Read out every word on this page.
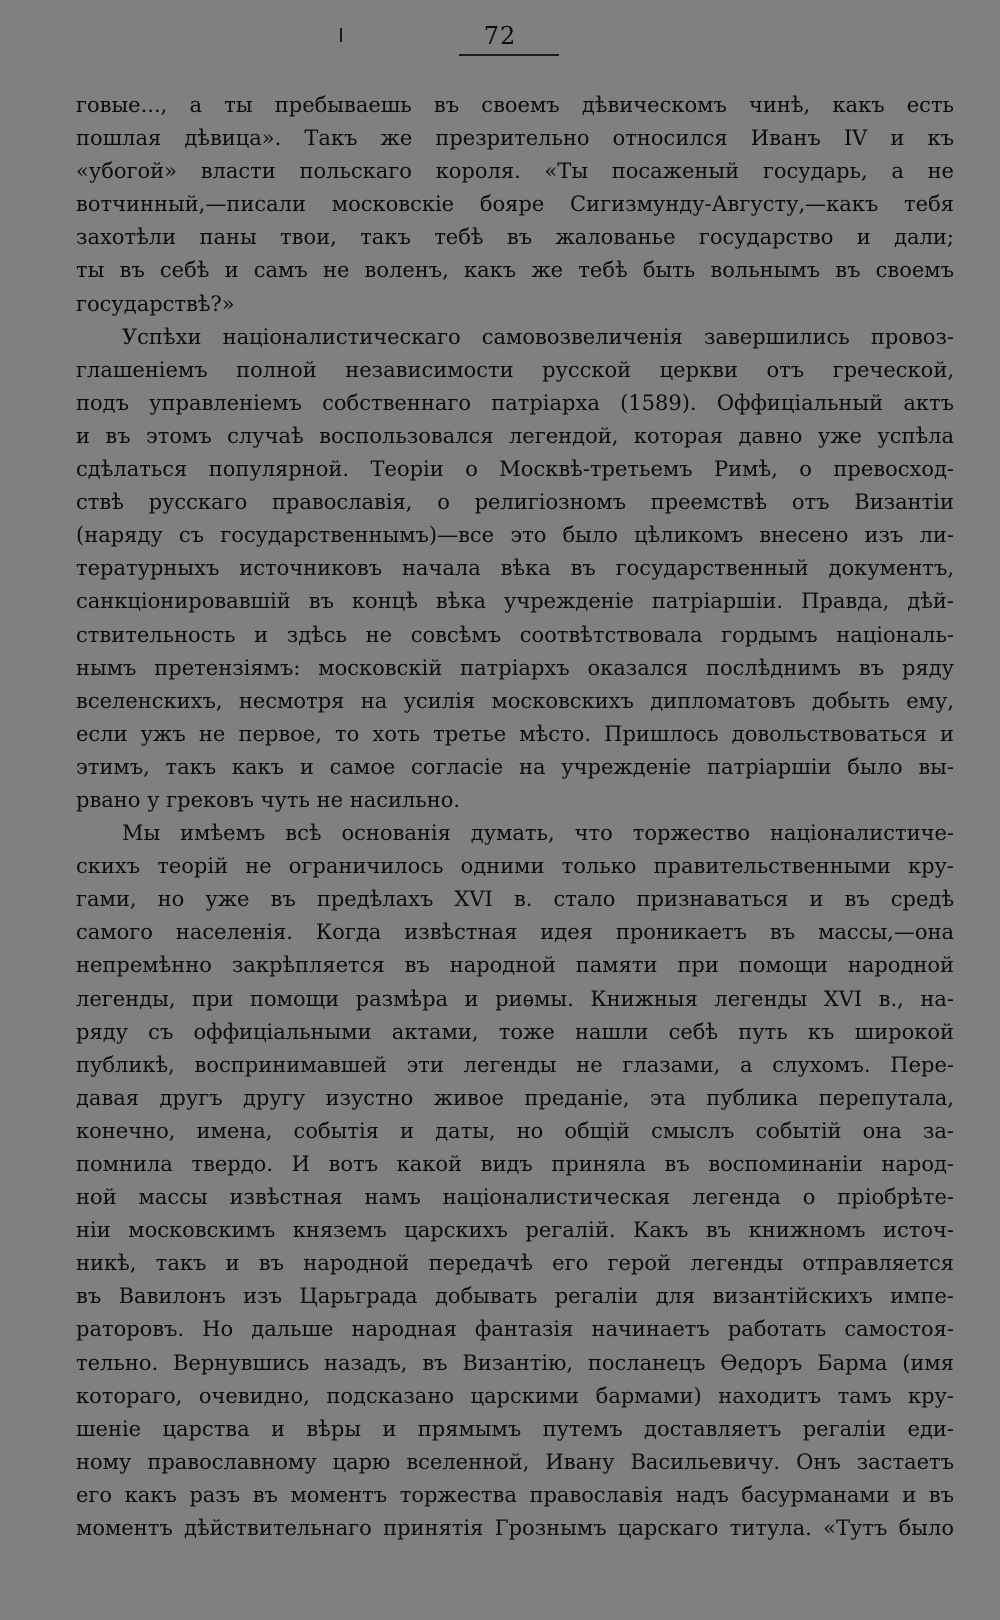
72
говые..., а ты пребываешь въ своемъ дѣвическомъ чинѣ, какъ есть
пошлая дѣвица». Такъ же презрительно относился Иванъ IV и къ
«убогой» власти польскаго короля. «Ты посаженый государь, а не
вотчинный,—писали московскіе бояре Сигизмунду-Августу,—какъ тебя
захотѣли паны твои, такъ тебѣ въ жалованье государство и дали;
ты въ себѣ и самъ не воленъ, какъ же тебѣ быть вольнымъ въ своемъ
государствѣ?»
Успѣхи націоналистическаго самовозвеличенія завершились провоз-
глашеніемъ полной независимости русской церкви отъ греческой,
подъ управленіемъ собственнаго патріарха (1589). Оффиціальный актъ
и въ этомъ случаѣ воспользовался легендой, которая давно уже успѣла
сдѣлаться популярной. Теоріи о Москвѣ-третьемъ Римѣ, о превосход-
ствѣ русскаго православія, о религіозномъ преемствѣ отъ Византіи
(наряду съ государственнымъ)—все это было цѣликомъ внесено изъ ли-
тературныхъ источниковъ начала вѣка въ государственный документъ,
санкціонировавшій въ концѣ вѣка учрежденіе патріаршіи. Правда, дѣй-
ствительность и здѣсь не совсѣмъ соотвѣтствовала гордымъ національ-
нымъ претензіямъ: московскій патріархъ оказался послѣднимъ въ ряду
вселенскихъ, несмотря на усилія московскихъ дипломатовъ добыть ему,
если ужъ не первое, то хоть третье мѣсто. Пришлось довольствоваться и
этимъ, такъ какъ и самое согласіе на учрежденіе патріаршіи было вы-
рвано у грековъ чуть не насильно.
Мы имѣемъ всѣ основанія думать, что торжество націоналистиче-
скихъ теорій не ограничилось одними только правительственными кру-
гами, но уже въ предѣлахъ XVI в. стало признаваться и въ средѣ
самого населенія. Когда извѣстная идея проникаетъ въ массы,—она
непремѣнно закрѣпляется въ народной памяти при помощи народной
легенды, при помощи размѣра и риѳмы. Книжныя легенды XVI в., на-
ряду съ оффиціальными актами, тоже нашли себѣ путь къ широкой
публикѣ, воспринимавшей эти легенды не глазами, а слухомъ. Пере-
давая другъ другу изустно живое преданіе, эта публика перепутала,
конечно, имена, событія и даты, но общій смыслъ событій она за-
помнила твердо. И вотъ какой видъ приняла въ воспоминаніи народ-
ной массы извѣстная намъ націоналистическая легенда о пріобрѣте-
ніи московскимъ княземъ царскихъ регалій. Какъ въ книжномъ источ-
никѣ, такъ и въ народной передачѣ его герой легенды отправляется
въ Вавилонъ изъ Царьграда добывать регаліи для византійскихъ импе-
раторовъ. Но дальше народная фантазія начинаетъ работать самостоя-
тельно. Вернувшись назадъ, въ Византію, посланецъ Ѳедоръ Барма (имя
котораго, очевидно, подсказано царскими бармами) находитъ тамъ кру-
шеніе царства и вѣры и прямымъ путемъ доставляетъ регаліи еди-
ному православному царю вселенной, Ивану Васильевичу. Онъ застаетъ
его какъ разъ въ моментъ торжества православія надъ басурманами и въ
моментъ дѣйствительнаго принятія Грознымъ царскаго титула. «Тутъ было
